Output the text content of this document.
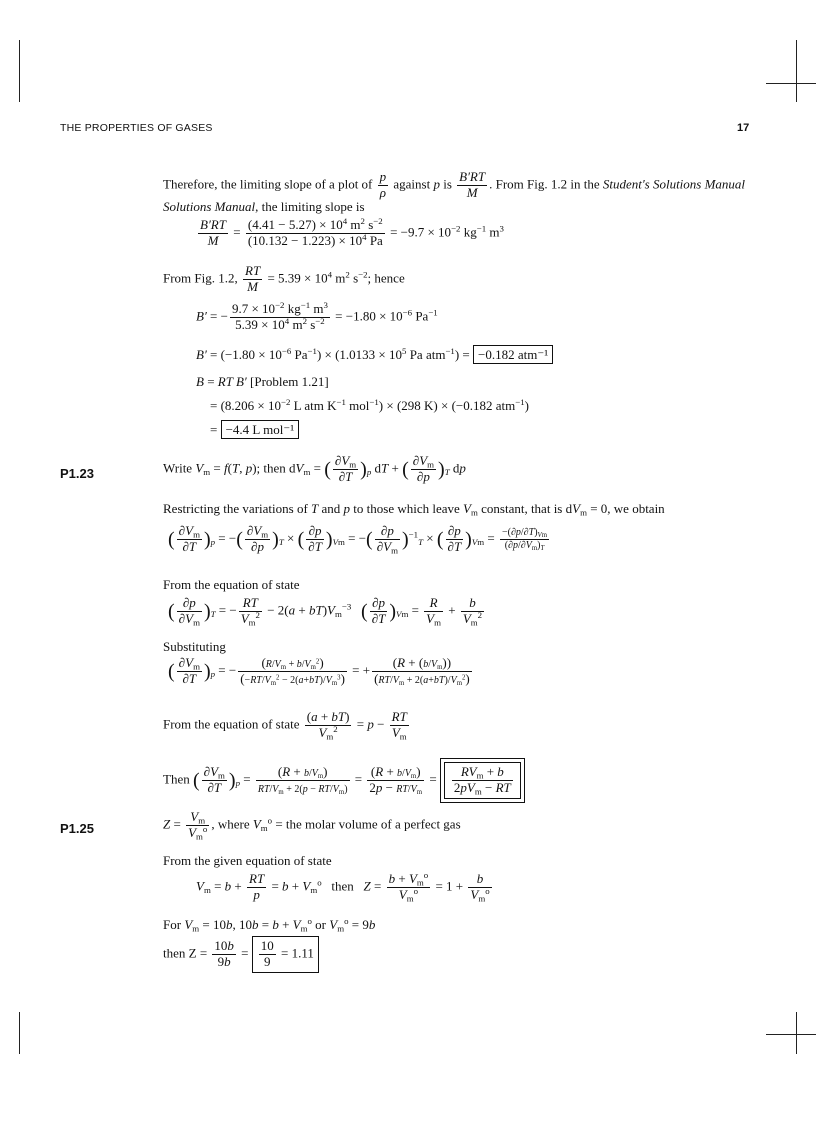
THE PROPERTIES OF GASES	17
Therefore, the limiting slope of a plot of $\frac{p}{\rho}$ against p is $\frac{B'RT}{M}$ . From Fig. 1.2 in the Student's Solutions Manual
Solutions Manual, the limiting slope is
$\frac{B'RT}{M} = \frac{(4.41 - 5.27) \times 10^4 m^2 s^{-2}}{(10.132 - 1.223) \times 10^4 Pa} = -9.7 \times 10^{-2}$ $kg^{-1}$ $m^3$
From Fig. 1.2, $\frac{RT}{M} = 5.39 \times 10^4$ $m^2$ $s^{-2}$; hence
B′ = − $\frac{9.7 \times 10^{-2} kg^{-1} m^3}{5.39 \times 10^4 m^2 s^{-2}} = -1.80 \times 10^{-6}$ $Pa^{-1}$
$B' = (-1.80 \times 10^{-6}$ $Pa^{-1}) \times (1.0133 \times 10^5$ Pa atm$^{-1}$) = −0.182 atm⁻¹
B = RT B′ [Problem 1.21]
= ($8.206 \times 10^{-2}$ L atm $K^{-1}$ mol$^{-1}$) × (298 K) × (−0.182 atm$^{-1}$)
= −4.4 L mol⁻¹
P1.23	Write $V_m = f(T$, p); then $dV_m$ = ( $\frac{\partial V_m}{\partial T} )_p$ dT + ( $\frac{\partial V_m}{\partial p} )_T$ dp
Restricting the variations of T and p to those which leave $V_m$ constant, that is $dV_m = 0$, we obtain
( $\frac{\partial V_m}{\partial T} )_p$ = −( $\frac{\partial V_m}{\partial p} )_T$ × ( $\frac{\partial p}{\partial T} )_{Vm}$ = −( $\frac{\partial p}{\partial V_m} )^{-1}_T$ × ( $\frac{\partial p}{\partial T} )_{Vm} = \frac{-(\partial p/\partial T)_{Vm}}{(\partial p/\partial V_m)_T}$
From the equation of state
( $\frac{\partial p}{\partial V_m} )_T$ = − $\frac{RT}{V_m^2} - 2(a + bT)V_m^{-3}$ ( $\frac{\partial p}{\partial T} )_{Vm} = \frac{R}{V_m} + \frac{b}{V_m^2}$
Substituting
( $\frac{\partial V_m}{\partial T} )_p$ = − $\frac{(R/V_m + b/V_m^2)}{(-RT/V_m^2 - 2(a+bT)/V_m^3)}$ = + $\frac{(R + (b/V_m))}{(RT/V_m + 2(a+bT)/V_m^2)}$
From the equation of state $\frac{(a + bT)}{V_m^2} = p - \frac{RT}{V_m}$
Then ( $\frac{\partial V_m}{\partial T} )_p = \frac{(R + b/V_m)}{RT/V_m + 2(p - RT/V_m)} = \frac{(R + b/V_m)}{2p - RT/V_m}$ =	$RV_m + b$
$2pV_m$ − RT
P1.25	$Z = V_m$
$V_m^o$ , where $V_m^o$ = the molar volume of a perfect gas
From the given equation of state
$V_m = b + \frac{RT}{p} = b + V_m^o$ then $Z = b + V_m^o$
$V_m^o$	= 1 + b
$V_m^o$
For $V_m = 10b$, $10b = b + V_m^o$ or $V_m^o = 9b$
then $Z = \frac{10b}{9b} = \frac{10}{9} = 1.11$
